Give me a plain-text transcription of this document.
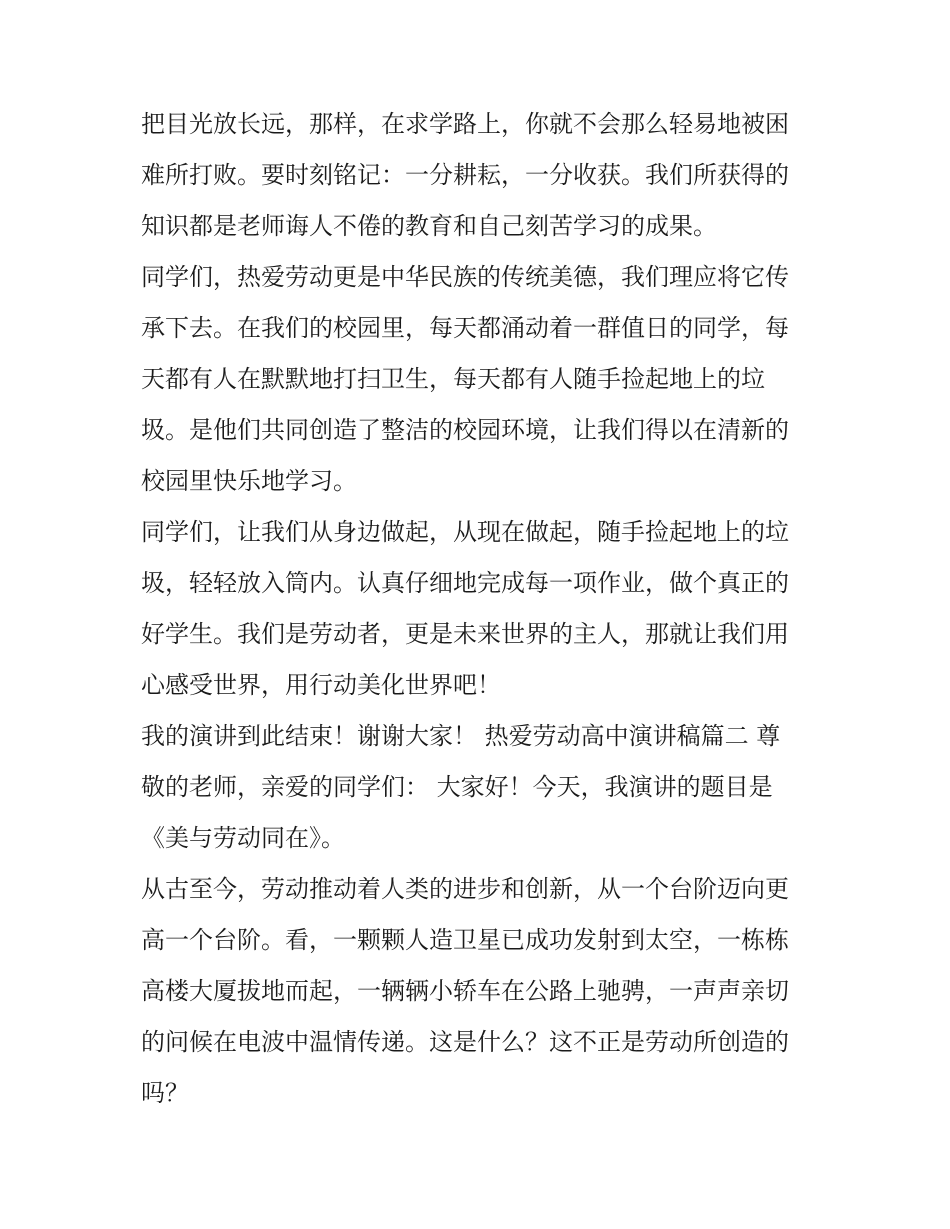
把目光放长远，那样，在求学路上，你就不会那么轻易地被困
难所打败。要时刻铭记：一分耕耘，一分收获。我们所获得的
知识都是老师诲人不倦的教育和自己刻苦学习的成果。

同学们，热爱劳动更是中华民族的传统美德，我们理应将它传
承下去。在我们的校园里，每天都涌动着一群值日的同学，每
天都有人在默默地打扫卫生，每天都有人随手捡起地上的垃
圾。是他们共同创造了整洁的校园环境，让我们得以在清新的
校园里快乐地学习。

同学们，让我们从身边做起，从现在做起，随手捡起地上的垃
圾，轻轻放入筒内。认真仔细地完成每一项作业，做个真正的
好学生。我们是劳动者，更是未来世界的主人，那就让我们用
心感受世界，用行动美化世界吧！

我的演讲到此结束！谢谢大家！ 热爱劳动高中演讲稿篇二 尊
敬的老师，亲爱的同学们： 大家好！今天，我演讲的题目是
《美与劳动同在》。

从古至今，劳动推动着人类的进步和创新，从一个台阶迈向更
高一个台阶。看，一颗颗人造卫星已成功发射到太空，一栋栋
高楼大厦拔地而起，一辆辆小轿车在公路上驰骋，一声声亲切
的问候在电波中温情传递。这是什么？这不正是劳动所创造的
吗？
